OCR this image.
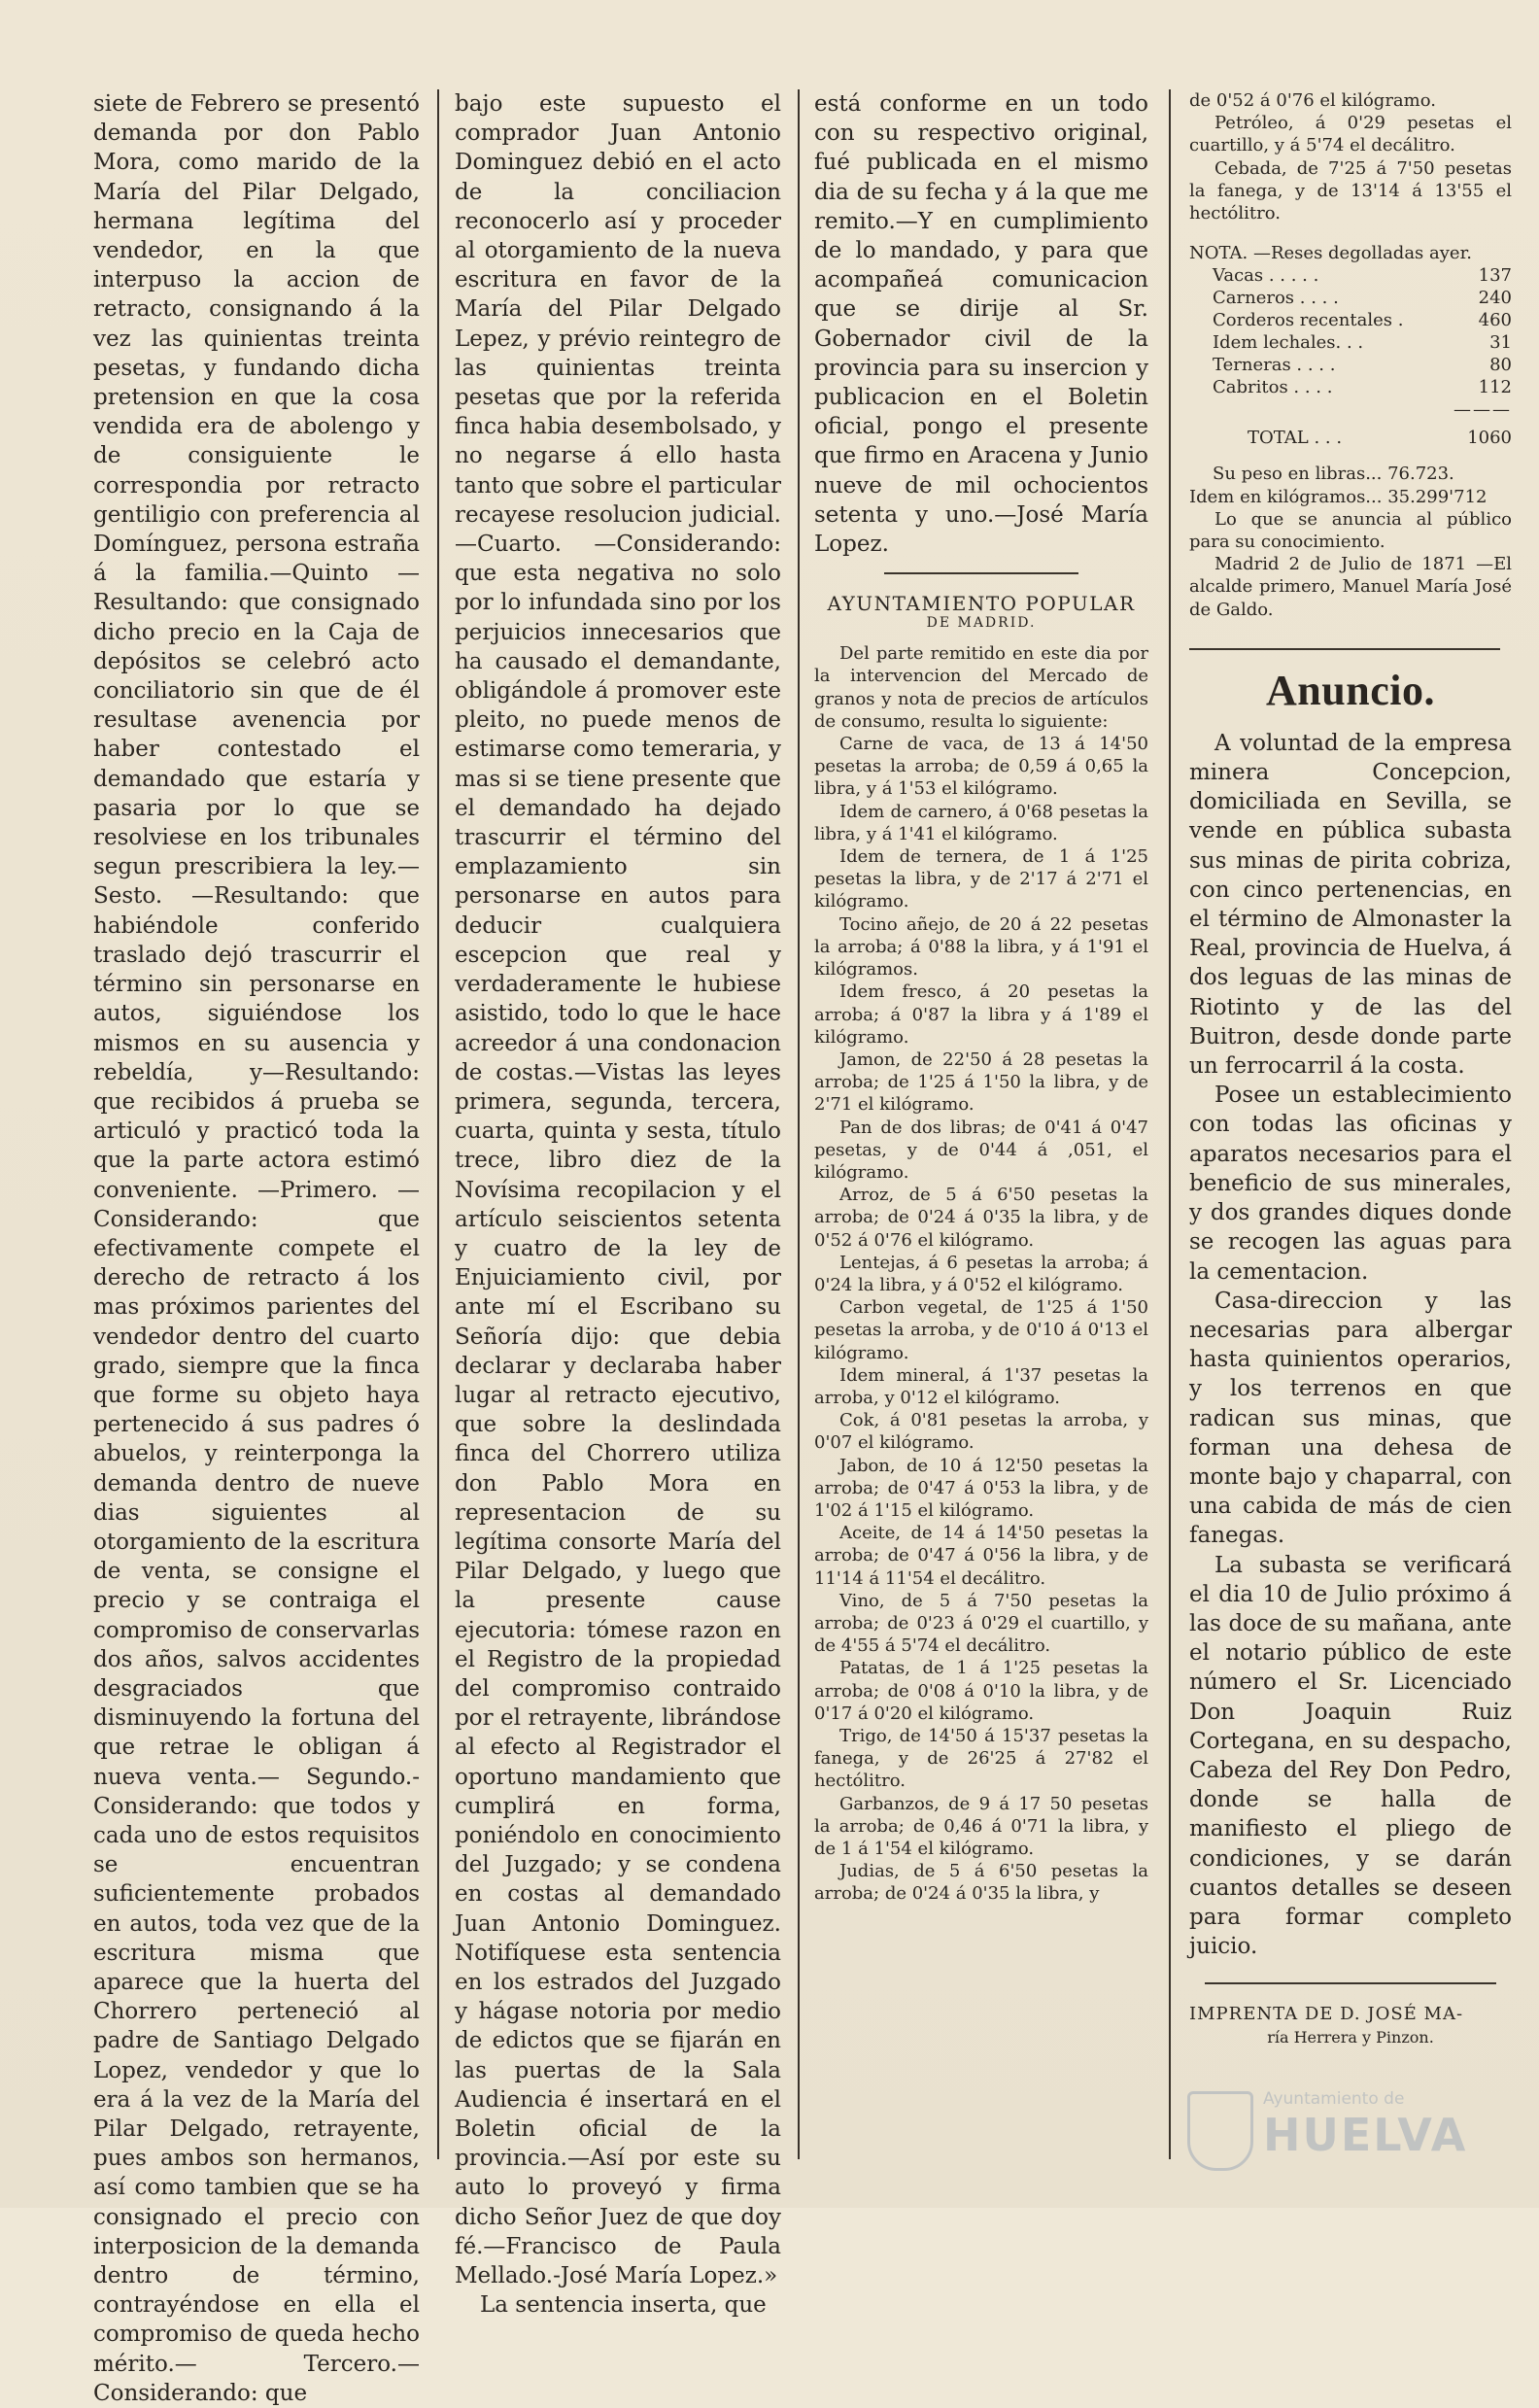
siete de Febrero se presentó demanda por don Pablo Mora, como marido de la María del Pilar Delgado, hermana legítima del vendedor, en la que interpuso la accion de retracto, consignando á la vez las quinientas treinta pesetas, y fundando dicha pretension en que la cosa vendida era de abolengo y de consiguiente le correspondia por retracto gentiligio con preferencia al Domínguez, persona estraña á la familia.—Quinto —Resultando: que consignado dicho precio en la Caja de depósitos se celebró acto conciliatorio sin que de él resultase avenencia por haber contestado el demandado que estaría y pasaria por lo que se resolviese en los tribunales segun prescribiera la ley.—Sesto. —Resultando: que habiéndole conferido traslado dejó trascurrir el término sin personarse en autos, siguiéndose los mismos en su ausencia y rebeldía, y—Resultando: que recibidos á prueba se articuló y practicó toda la que la parte actora estimó conveniente. —Primero. —Considerando: que efectivamente compete el derecho de retracto á los mas próximos parientes del vendedor dentro del cuarto grado, siempre que la finca que forme su objeto haya pertenecido á sus padres ó abuelos, y reinterponga la demanda dentro de nueve dias siguientes al otorgamiento de la escritura de venta, se consigne el precio y se contraiga el compromiso de conservarlas dos años, salvos accidentes desgraciados que disminuyendo la fortuna del que retrae le obligan á nueva venta.— Segundo.-Considerando: que todos y cada uno de estos requisitos se encuentran suficientemente probados en autos, toda vez que de la escritura misma que aparece que la huerta del Chorrero perteneció al padre de Santiago Delgado Lopez, vendedor y que lo era á la vez de la María del Pilar Delgado, retrayente, pues ambos son hermanos, así como tambien que se ha consignado el precio con interposicion de la demanda dentro de término, contrayéndose en ella el compromiso de queda hecho mérito.— Tercero.—Considerando: que

bajo este supuesto el comprador Juan Antonio Dominguez debió en el acto de la conciliacion reconocerlo así y proceder al otorgamiento de la nueva escritura en favor de la María del Pilar Delgado Lepez, y prévio reintegro de las quinientas treinta pesetas que por la referida finca habia desembolsado, y no negarse á ello hasta tanto que sobre el particular recayese resolucion judicial.—Cuarto. —Considerando: que esta negativa no solo por lo infundada sino por los perjuicios innecesarios que ha causado el demandante, obligándole á promover este pleito, no puede menos de estimarse como temeraria, y mas si se tiene presente que el demandado ha dejado trascurrir el término del emplazamiento sin personarse en autos para deducir cualquiera escepcion que real y verdaderamente le hubiese asistido, todo lo que le hace acreedor á una condonacion de costas.—Vistas las leyes primera, segunda, tercera, cuarta, quinta y sesta, título trece, libro diez de la Novísima recopilacion y el artículo seiscientos setenta y cuatro de la ley de Enjuiciamiento civil, por ante mí el Escribano su Señoría dijo: que debia declarar y declaraba haber lugar al retracto ejecutivo, que sobre la deslindada finca del Chorrero utiliza don Pablo Mora en representacion de su legítima consorte María del Pilar Delgado, y luego que la presente cause ejecutoria: tómese razon en el Registro de la propiedad del compromiso contraido por el retrayente, librándose al efecto al Registrador el oportuno mandamiento que cumplirá en forma, poniéndolo en conocimiento del Juzgado; y se condena en costas al demandado Juan Antonio Dominguez. Notifíquese esta sentencia en los estrados del Juzgado y hágase notoria por medio de edictos que se fijarán en las puertas de la Sala Audiencia é insertará en el Boletin oficial de la provincia.—Así por este su auto lo proveyó y firma dicho Señor Juez de que doy fé.—Francisco de Paula Mellado.-José María Lopez.»

La sentencia inserta, que

está conforme en un todo con su respectivo original, fué publicada en el mismo dia de su fecha y á la que me remito.—Y en cumplimiento de lo mandado, y para que acompañeá comunicacion que se dirije al Sr. Gobernador civil de la provincia para su insercion y publicacion en el Boletin oficial, pongo el presente que firmo en Aracena y Junio nueve de mil ochocientos setenta y uno.—José María Lopez.

AYUNTAMIENTO POPULAR
DE MADRID.

Del parte remitido en este dia por la intervencion del Mercado de granos y nota de precios de artículos de consumo, resulta lo siguiente:

Carne de vaca, de 13 á 14'50 pesetas la arroba; de 0,59 á 0,65 la libra, y á 1'53 el kilógramo.

Idem de carnero, á 0'68 pesetas la libra, y á 1'41 el kilógramo.

Idem de ternera, de 1 á 1'25 pesetas la libra, y de 2'17 á 2'71 el kilógramo.

Tocino añejo, de 20 á 22 pesetas la arroba; á 0'88 la libra, y á 1'91 el kilógramos.

Idem fresco, á 20 pesetas la arroba; á 0'87 la libra y á 1'89 el kilógramo.

Jamon, de 22'50 á 28 pesetas la arroba; de 1'25 á 1'50 la libra, y de 2'71 el kilógramo.

Pan de dos libras; de 0'41 á 0'47 pesetas, y de 0'44 á ,051, el kilógramo.

Arroz, de 5 á 6'50 pesetas la arroba; de 0'24 á 0'35 la libra, y de 0'52 á 0'76 el kilógramo.

Lentejas, á 6 pesetas la arroba; á 0'24 la libra, y á 0'52 el kilógramo.

Carbon vegetal, de 1'25 á 1'50 pesetas la arroba, y de 0'10 á 0'13 el kilógramo.

Idem mineral, á 1'37 pesetas la arroba, y 0'12 el kilógramo.

Cok, á 0'81 pesetas la arroba, y 0'07 el kilógramo.

Jabon, de 10 á 12'50 pesetas la arroba; de 0'47 á 0'53 la libra, y de 1'02 á 1'15 el kilógramo.

Aceite, de 14 á 14'50 pesetas la arroba; de 0'47 á 0'56 la libra, y de 11'14 á 11'54 el decálitro.

Vino, de 5 á 7'50 pesetas la arroba; de 0'23 á 0'29 el cuartillo, y de 4'55 á 5'74 el decálitro.

Patatas, de 1 á 1'25 pesetas la arroba; de 0'08 á 0'10 la libra, y de 0'17 á 0'20 el kilógramo.

Trigo, de 14'50 á 15'37 pesetas la fanega, y de 26'25 á 27'82 el hectólitro.

Garbanzos, de 9 á 17 50 pesetas la arroba; de 0,46 á 0'71 la libra, y de 1 á 1'54 el kilógramo.

Judias, de 5 á 6'50 pesetas la arroba; de 0'24 á 0'35 la libra, y

de 0'52 á 0'76 el kilógramo.

Petróleo, á 0'29 pesetas el cuartillo, y á 5'74 el decálitro.

Cebada, de 7'25 á 7'50 pesetas la fanega, y de 13'14 á 13'55 el hectólitro.

NOTA. —Reses degolladas ayer.

Vacas . . . . .	137
Carneros . . . .	240
Corderos recentales .	460
Idem lechales. . .	31
Terneras . . . .	80
Cabritos . . . .	112
	———
TOTAL . . .	1060

Su peso en libras... 76.723.

Idem en kilógramos... 35.299'712

Lo que se anuncia al público para su conocimiento.

Madrid 2 de Julio de 1871 —El alcalde primero, Manuel María José de Galdo.

Anuncio.

A voluntad de la empresa minera Concepcion, domiciliada en Sevilla, se vende en pública subasta sus minas de pirita cobriza, con cinco pertenencias, en el término de Almonaster la Real, provincia de Huelva, á dos leguas de las minas de Riotinto y de las del Buitron, desde donde parte un ferrocarril á la costa.

Posee un establecimiento con todas las oficinas y aparatos necesarios para el beneficio de sus minerales, y dos grandes diques donde se recogen las aguas para la cementacion.

Casa-direccion y las necesarias para albergar hasta quinientos operarios, y los terrenos en que radican sus minas, que forman una dehesa de monte bajo y chaparral, con una cabida de más de cien fanegas.

La subasta se verificará el dia 10 de Julio próximo á las doce de su mañana, ante el notario público de este número el Sr. Licenciado Don Joaquin Ruiz Cortegana, en su despacho, Cabeza del Rey Don Pedro, donde se halla de manifiesto el pliego de condiciones, y se darán cuantos detalles se deseen para formar completo juicio.

IMPRENTA DE D. JOSÉ MA-
ría Herrera y Pinzon.
Ayuntamiento de
HUELVA
